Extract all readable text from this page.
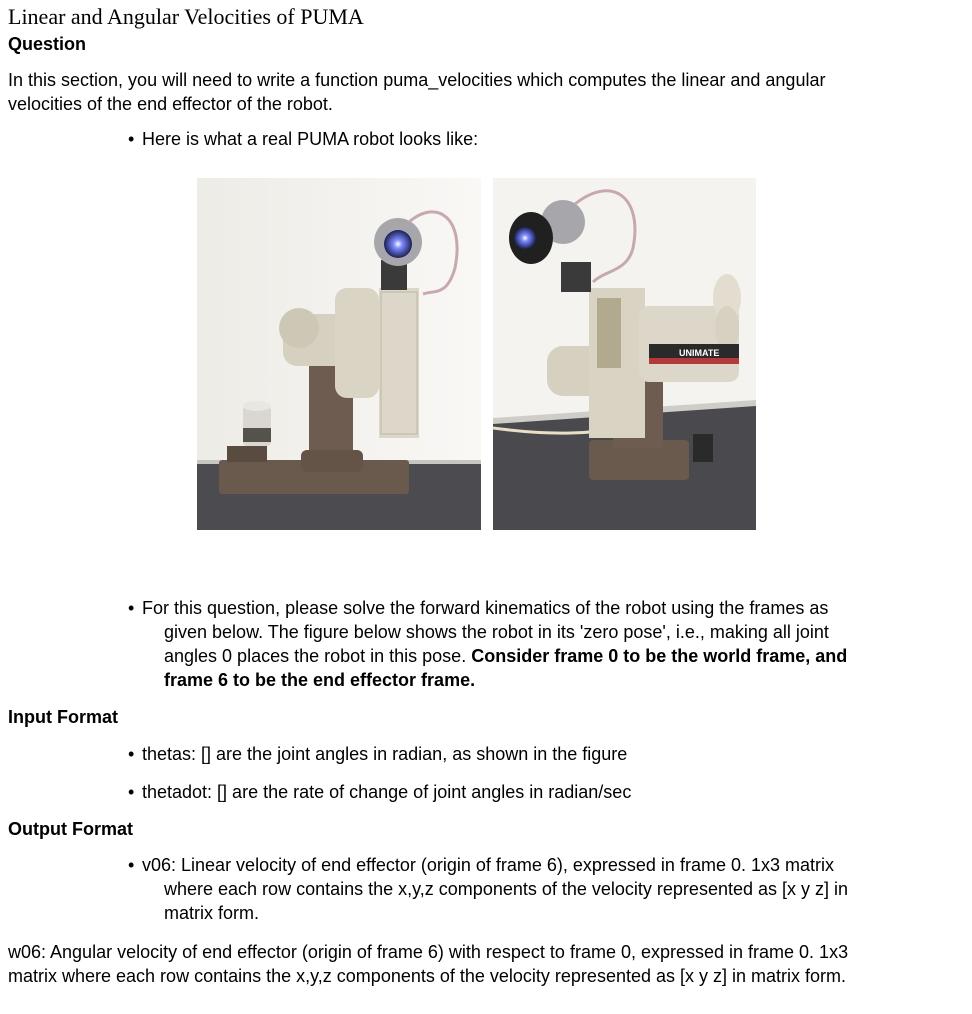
Linear and Angular Velocities of PUMA
Question
In this section, you will need to write a function puma_velocities which computes the linear and angular
velocities of the end effector of the robot.
• Here is what a real PUMA robot looks like:
UNIMATE
• For this question, please solve the forward kinematics of the robot using the frames as
given below. The figure below shows the robot in its 'zero pose', i.e., making all joint
angles 0 places the robot in this pose. Consider frame 0 to be the world frame, and
frame 6 to be the end effector frame.
Input Format
• thetas: [] are the joint angles in radian, as shown in the figure
• thetadot: [] are the rate of change of joint angles in radian/sec
Output Format
• v06: Linear velocity of end effector (origin of frame 6), expressed in frame 0. 1x3 matrix
where each row contains the x,y,z components of the velocity represented as [x y z] in
matrix form.
w06: Angular velocity of end effector (origin of frame 6) with respect to frame 0, expressed in frame 0. 1x3
matrix where each row contains the x,y,z components of the velocity represented as [x y z] in matrix form.
